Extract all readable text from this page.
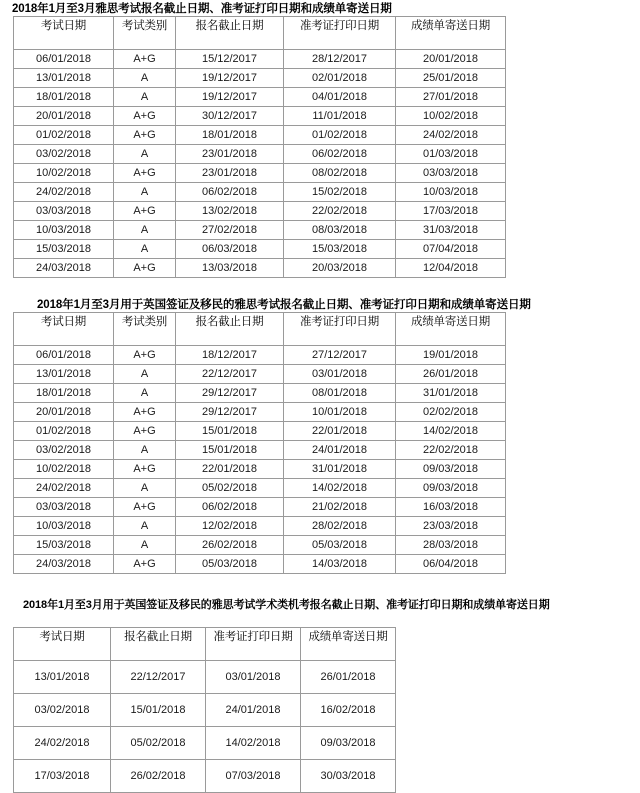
2018年1月至3月雅思考试报名截止日期、准考证打印日期和成绩单寄送日期
考试日期	考试类别	报名截止日期	准考证打印日期	成绩单寄送日期
06/01/2018	A+G	15/12/2017	28/12/2017	20/01/2018
13/01/2018	A	19/12/2017	02/01/2018	25/01/2018
18/01/2018	A	19/12/2017	04/01/2018	27/01/2018
20/01/2018	A+G	30/12/2017	11/01/2018	10/02/2018
01/02/2018	A+G	18/01/2018	01/02/2018	24/02/2018
03/02/2018	A	23/01/2018	06/02/2018	01/03/2018
10/02/2018	A+G	23/01/2018	08/02/2018	03/03/2018
24/02/2018	A	06/02/2018	15/02/2018	10/03/2018
03/03/2018	A+G	13/02/2018	22/02/2018	17/03/2018
10/03/2018	A	27/02/2018	08/03/2018	31/03/2018
15/03/2018	A	06/03/2018	15/03/2018	07/04/2018
24/03/2018	A+G	13/03/2018	20/03/2018	12/04/2018
2018年1月至3月用于英国签证及移民的雅思考试报名截止日期、准考证打印日期和成绩单寄送日期
考试日期	考试类别	报名截止日期	准考证打印日期	成绩单寄送日期
06/01/2018	A+G	18/12/2017	27/12/2017	19/01/2018
13/01/2018	A	22/12/2017	03/01/2018	26/01/2018
18/01/2018	A	29/12/2017	08/01/2018	31/01/2018
20/01/2018	A+G	29/12/2017	10/01/2018	02/02/2018
01/02/2018	A+G	15/01/2018	22/01/2018	14/02/2018
03/02/2018	A	15/01/2018	24/01/2018	22/02/2018
10/02/2018	A+G	22/01/2018	31/01/2018	09/03/2018
24/02/2018	A	05/02/2018	14/02/2018	09/03/2018
03/03/2018	A+G	06/02/2018	21/02/2018	16/03/2018
10/03/2018	A	12/02/2018	28/02/2018	23/03/2018
15/03/2018	A	26/02/2018	05/03/2018	28/03/2018
24/03/2018	A+G	05/03/2018	14/03/2018	06/04/2018
2018年1月至3月用于英国签证及移民的雅思考试学术类机考报名截止日期、准考证打印日期和成绩单寄送日期
考试日期	报名截止日期	准考证打印日期	成绩单寄送日期
13/01/2018	22/12/2017	03/01/2018	26/01/2018
03/02/2018	15/01/2018	24/01/2018	16/02/2018
24/02/2018	05/02/2018	14/02/2018	09/03/2018
17/03/2018	26/02/2018	07/03/2018	30/03/2018
